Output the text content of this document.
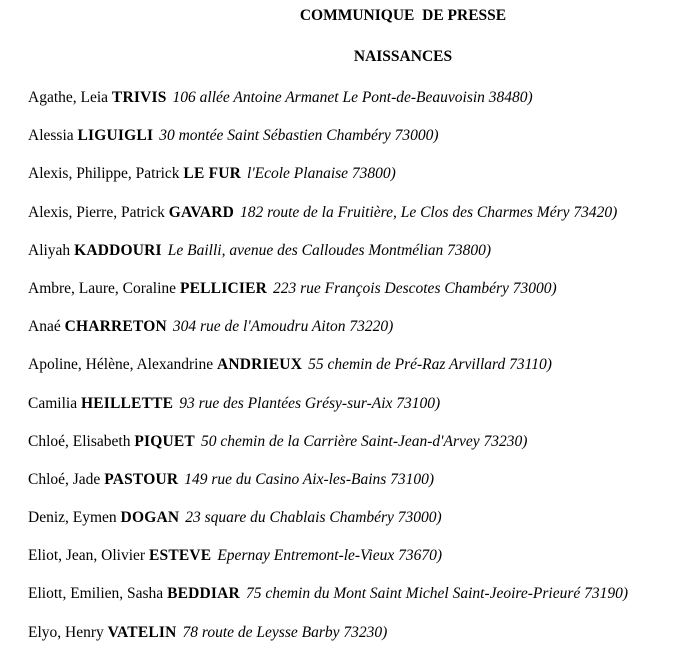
COMMUNIQUE  DE PRESSE
NAISSANCES
Agathe, Leia TRIVIS 106 allée Antoine Armanet Le Pont-de-Beauvoisin 38480)
Alessia LIGUIGLI 30 montée Saint Sébastien Chambéry 73000)
Alexis, Philippe, Patrick LE FUR l'Ecole Planaise 73800)
Alexis, Pierre, Patrick GAVARD 182 route de la Fruitière, Le Clos des Charmes Méry 73420)
Aliyah KADDOURI Le Bailli, avenue des Calloudes Montmélian 73800)
Ambre, Laure, Coraline PELLICIER 223 rue François Descotes Chambéry 73000)
Anaé CHARRETON 304 rue de l'Amoudru Aiton 73220)
Apoline, Hélène, Alexandrine ANDRIEUX 55 chemin de Pré-Raz Arvillard 73110)
Camilia HEILLETTE 93 rue des Plantées Grésy-sur-Aix 73100)
Chloé, Elisabeth PIQUET 50 chemin de la Carrière Saint-Jean-d'Arvey 73230)
Chloé, Jade PASTOUR 149 rue du Casino Aix-les-Bains 73100)
Deniz, Eymen DOGAN 23 square du Chablais Chambéry 73000)
Eliot, Jean, Olivier ESTEVE Epernay Entremont-le-Vieux 73670)
Eliott, Emilien, Sasha BEDDIAR 75 chemin du Mont Saint Michel Saint-Jeoire-Prieuré 73190)
Elyo, Henry VATELIN 78 route de Leysse Barby 73230)
